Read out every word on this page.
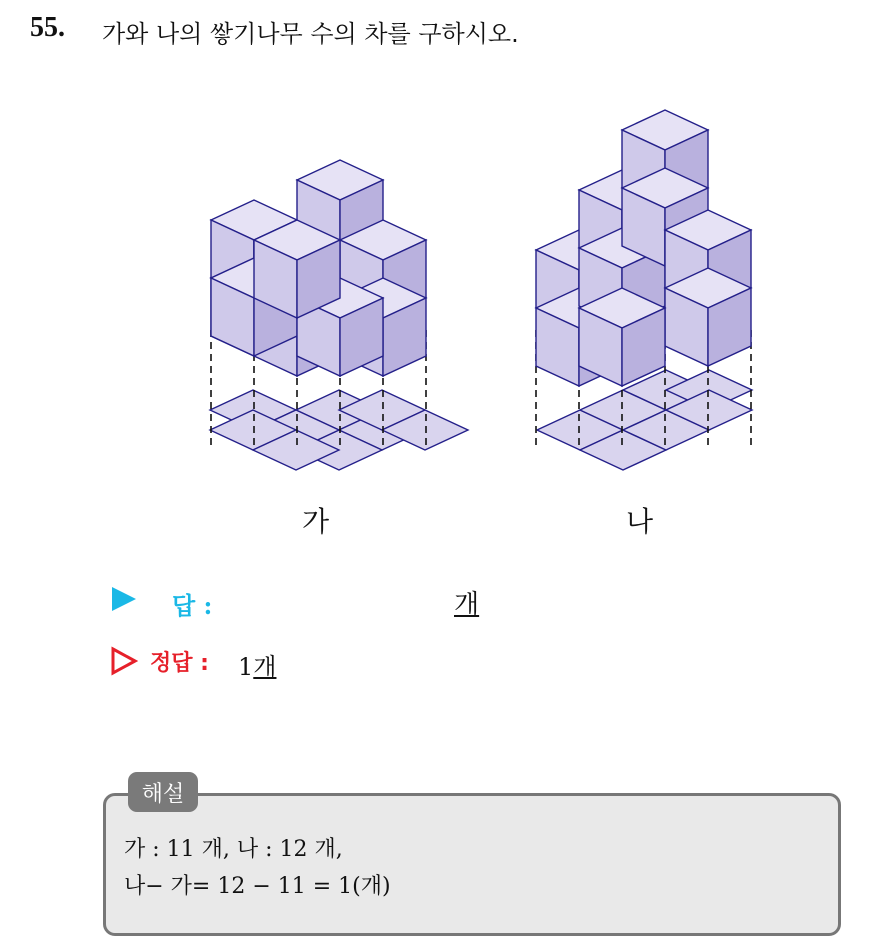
55. 가와 나의 쌓기나무 수의 차를 구하시오.
가	나
답 :	개
정답 : 1개
해설
가 : 11 개, 나 : 12 개,
나− 가= 12 − 11 = 1(개)
